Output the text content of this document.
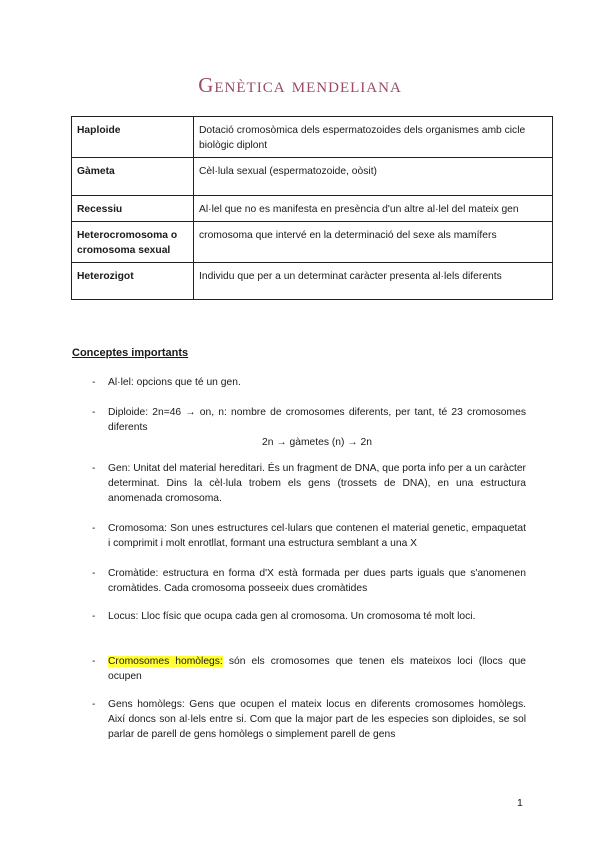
Genètica mendeliana
Haploide	Dotació cromosòmica dels espermatozoides dels organismes amb cicle biològic diplont
Gàmeta	Cèl·lula sexual (espermatozoide, oòsit)
Recessiu	Al·lel que no es manifesta en presència d'un altre al·lel del mateix gen
Heterocromosoma o cromosoma sexual	cromosoma que intervé en la determinació del sexe als mamífers
Heterozigot	Individu que per a un determinat caràcter presenta al·lels diferents
Conceptes importants
- Al·lel: opcions que té un gen.
- Diploide: 2n=46 → on, n: nombre de cromosomes diferents, per tant, té 23 cromosomes diferents
2n → gàmetes (n) → 2n
- Gen: Unitat del material hereditari. És un fragment de DNA, que porta info per a un caràcter determinat. Dins la cèl·lula trobem els gens (trossets de DNA), en una estructura anomenada cromosoma.
- Cromosoma: Son unes estructures cel·lulars que contenen el material genetic, empaquetat i comprimit i molt enrotllat, formant una estructura semblant a una X
- Cromàtide: estructura en forma d'X està formada per dues parts iguals que s'anomenen cromàtides. Cada cromosoma posseeix dues cromàtides
- Locus: Lloc físic que ocupa cada gen al cromosoma. Un cromosoma té molt loci.
- Cromosomes homòlegs: són els cromosomes que tenen els mateixos loci (llocs que ocupen
- Gens homòlegs: Gens que ocupen el mateix locus en diferents cromosomes homòlegs. Així doncs son al·lels entre si. Com que la major part de les especies son diploides, se sol parlar de parell de gens homòlegs o simplement parell de gens
1
